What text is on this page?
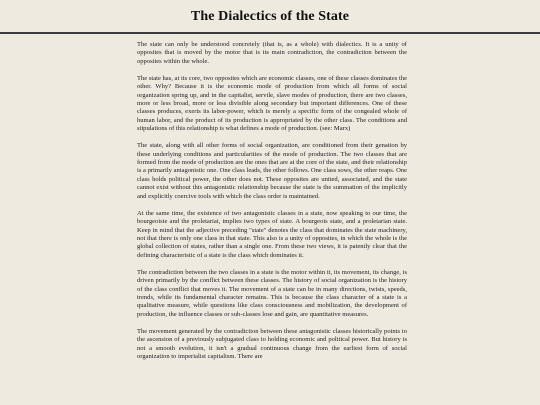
The Dialectics of the State

The state can only be understood concretely (that is, as a whole) with dialectics. It is a unity of opposites that is moved by the motor that is its main contradiction, the contradiction between the opposites within the whole.

The state has, at its core, two opposites which are economic classes, one of these classes dominates the other. Why? Because it is the economic mode of production from which all forms of social organization spring up, and in the capitalist, servile, slave modes of production, there are two classes, more or less broad, more or less divisible along secondary but important differences. One of these classes produces, exerts its labor-power, which is merely a specific form of the congealed whole of human labor, and the product of its production is appropriated by the other class. The conditions and stipulations of this relationship is what defines a mode of production. (see: Marx)

The state, along with all other forms of social organization, are conditioned from their genation by these underlying conditions and particularities of the mode of production. The two classes that are formed from the mode of production are the ones that are at the core of the state, and their relationship is a primarily antagonistic one. One class leads, the other follows. One class sows, the other reaps. One class holds political power, the other does not. These opposites are united, associated, and the state cannot exist without this antagonistic relationship because the state is the summation of the implicitly and explicitly coercive tools with which the class order is maintained.

At the same time, the existence of two antagonistic classes in a state, now speaking to our time, the bourgeoisie and the proletariat, implies two types of state. A bourgeois state, and a proletarian state. Keep in mind that the adjective preceding "state" denotes the class that dominates the state machinery, not that there is only one class in that state. This also is a unity of opposites, in which the whole is the global collection of states, rather than a single one. From these two views, it is patently clear that the defining characteristic of a state is the class which dominates it.

The contradiction between the two classes in a state is the motor within it, its movement, its change, is driven primarily by the conflict between these classes. The history of social organization is the history of the class conflict that moves it. The movement of a state can be in many directions, twists, speeds, trends, while its fundamental character remains. This is because the class character of a state is a qualitative measure, while questions like class consciousness and mobilization, the development of production, the influence classes or sub-classes lose and gain, are quantitative measures.

The movement generated by the contradiction between these antagonistic classes historically points to the ascension of a previously subjugated class to holding economic and political power. But history is not a smooth evolution, it isn't a gradual continuous change from the earliest form of social organization to imperialist capitalism. There are
